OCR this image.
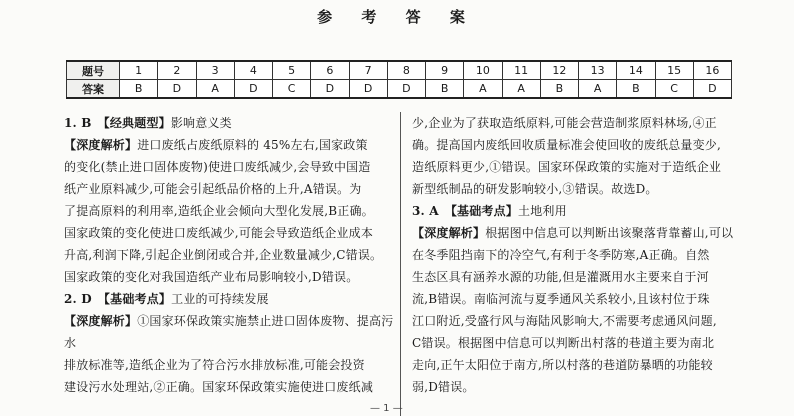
参 考 答 案
题号	1	2	3	4	5	6	7	8	9	10	11	12	13	14	15	16
答案	B	D	A	D	C	D	D	D	B	A	A	B	A	B	C	D

1. B 【经典题型】影响意义类

【深度解析】进口废纸占废纸原料的 45%左右,国家政策

的变化(禁止进口固体废物)使进口废纸减少,会导致中国造

纸产业原料减少,可能会引起纸品价格的上升,A错误。为

了提高原料的利用率,造纸企业会倾向大型化发展,B正确。

国家政策的变化使进口废纸减少,可能会导致造纸企业成本

升高,利润下降,引起企业倒闭或合并,企业数量减少,C错误。

国家政策的变化对我国造纸产业布局影响较小,D错误。

2. D 【基础考点】工业的可持续发展

【深度解析】①国家环保政策实施禁止进口固体废物、提高污水

排放标准等,造纸企业为了符合污水排放标准,可能会投资

建设污水处理站,②正确。国家环保政策实施使进口废纸减

少,企业为了获取造纸原料,可能会营造制浆原料林场,④正

确。提高国内废纸回收质量标准会使回收的废纸总量变少,

造纸原料更少,①错误。国家环保政策的实施对于造纸企业

新型纸制品的研发影响较小,③错误。故选D。

3. A 【基础考点】土地利用

【深度解析】根据图中信息可以判断出该聚落背靠蓄山,可以

在冬季阻挡南下的冷空气,有利于冬季防寒,A正确。自然

生态区具有涵养水源的功能,但是灌溉用水主要来自于河

流,B错误。南临河流与夏季通风关系较小,且该村位于珠

江口附近,受盛行风与海陆风影响大,不需要考虑通风问题,

C错误。根据图中信息可以判断出村落的巷道主要为南北

走向,正午太阳位于南方,所以村落的巷道防暴晒的功能较

弱,D错误。

— 1 —
